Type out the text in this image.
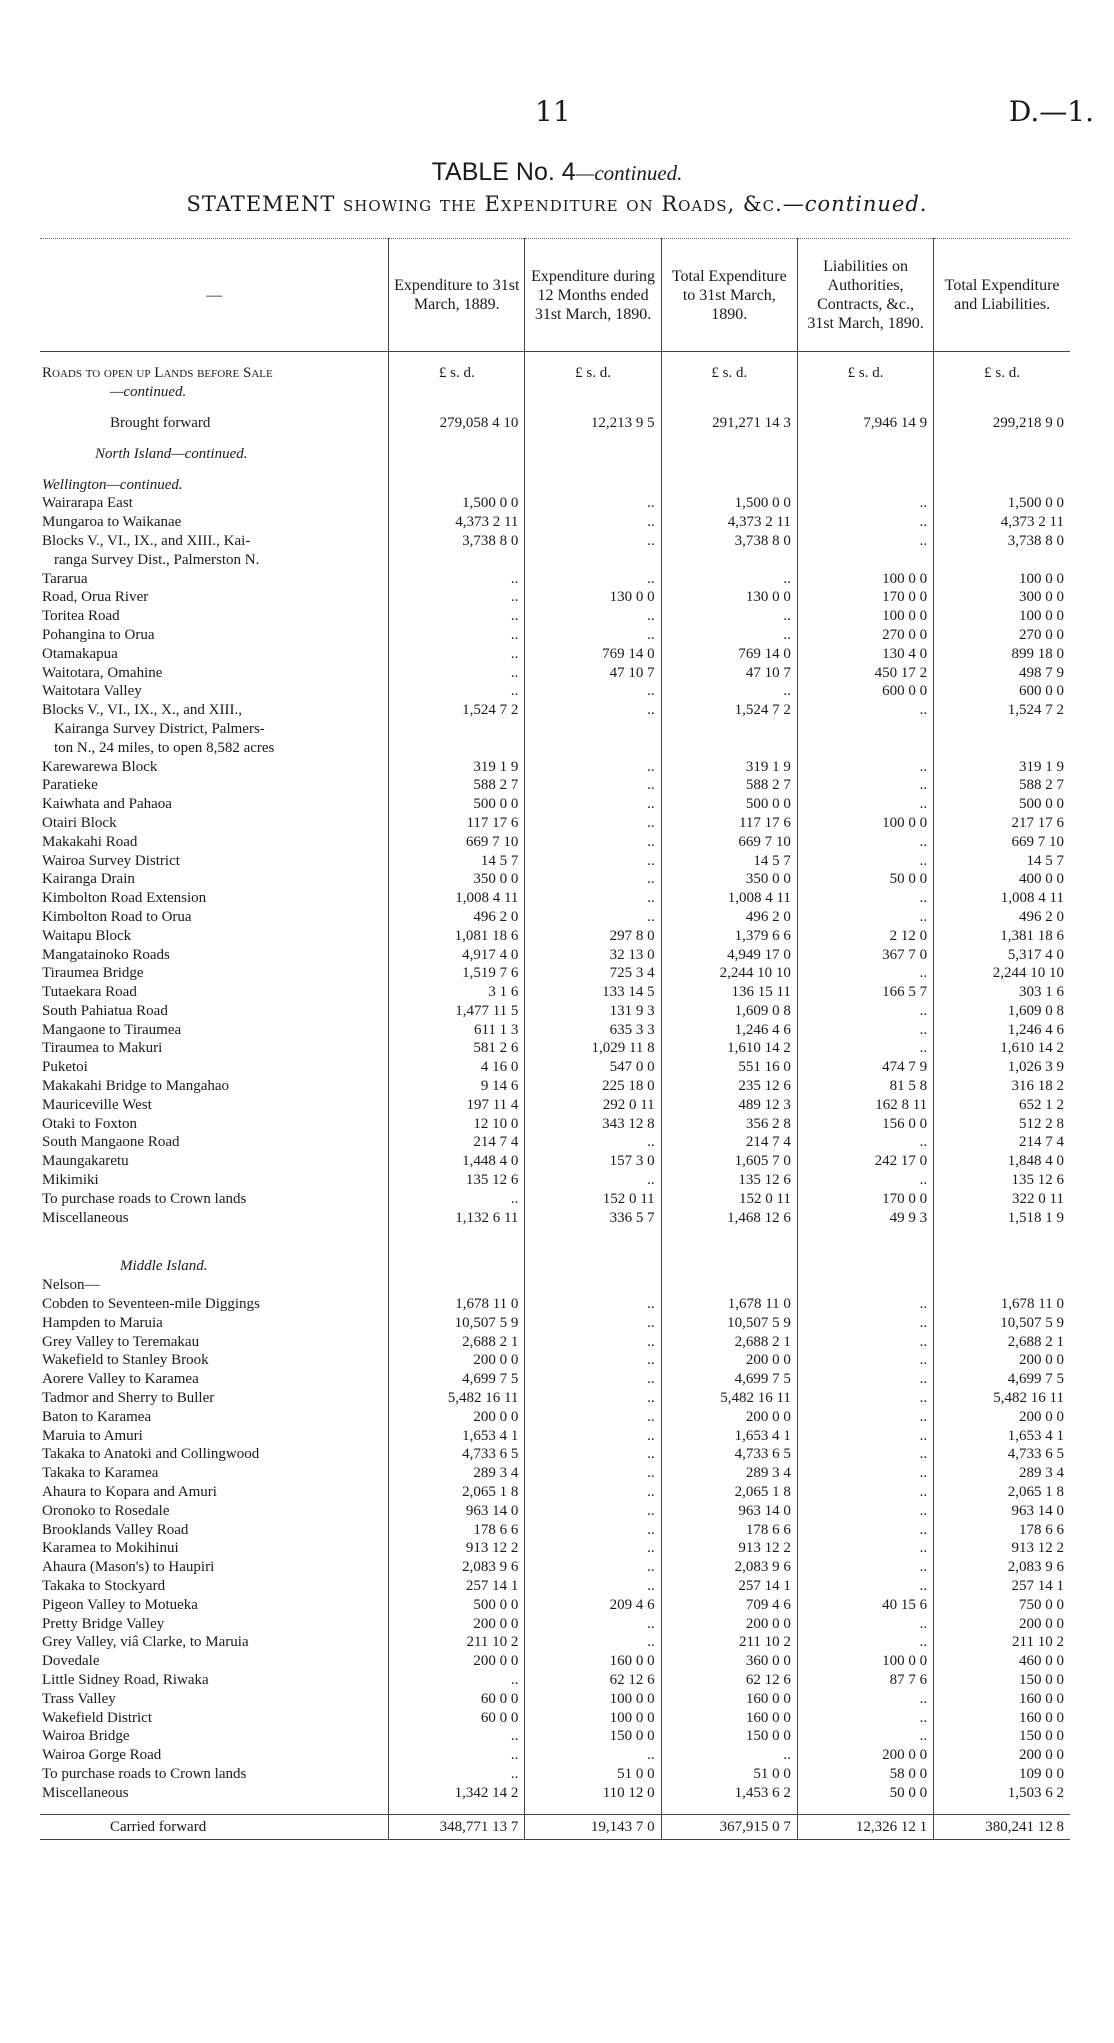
11	D.—1.
TABLE No. 4—continued.
STATEMENT showing the Expenditure on Roads, &c.—continued.
—	Expenditure to 31st March, 1889.	Expenditure during 12 Months ended 31st March, 1890.	Total Expenditure to 31st March, 1890.	Liabilities on Authorities, Contracts, &c., 31st March, 1890.	Total Expenditure and Liabilities.

Roads to open up Lands before Sale	£ s. d.	£ s. d.	£ s. d.	£ s. d.	£ s. d.
—continued.					

Brought forward	279,058 4 10	12,213 9 5	291,271 14 3	7,946 14 9	299,218 9 0

North Island—continued.					

Wellington—continued.					
Wairarapa East	1,500 0 0	..	1,500 0 0	..	1,500 0 0
Mungaroa to Waikanae	4,373 2 11	..	4,373 2 11	..	4,373 2 11
Blocks V., VI., IX., and XIII., Kai-	3,738 8 0	..	3,738 8 0	..	3,738 8 0
ranga Survey Dist., Palmerston N.					
Tararua	..	..	..	100 0 0	100 0 0
Road, Orua River	..	130 0 0	130 0 0	170 0 0	300 0 0
Toritea Road	..	..	..	100 0 0	100 0 0
Pohangina to Orua	..	..	..	270 0 0	270 0 0
Otamakapua	..	769 14 0	769 14 0	130 4 0	899 18 0
Waitotara, Omahine	..	47 10 7	47 10 7	450 17 2	498 7 9
Waitotara Valley	..	..	..	600 0 0	600 0 0
Blocks V., VI., IX., X., and XIII.,	1,524 7 2	..	1,524 7 2	..	1,524 7 2
Kairanga Survey District, Palmers-					
ton N., 24 miles, to open 8,582 acres					
Karewarewa Block	319 1 9	..	319 1 9	..	319 1 9
Paratieke	588 2 7	..	588 2 7	..	588 2 7
Kaiwhata and Pahaoa	500 0 0	..	500 0 0	..	500 0 0
Otairi Block	117 17 6	..	117 17 6	100 0 0	217 17 6
Makakahi Road	669 7 10	..	669 7 10	..	669 7 10
Wairoa Survey District	14 5 7	..	14 5 7	..	14 5 7
Kairanga Drain	350 0 0	..	350 0 0	50 0 0	400 0 0
Kimbolton Road Extension	1,008 4 11	..	1,008 4 11	..	1,008 4 11
Kimbolton Road to Orua	496 2 0	..	496 2 0	..	496 2 0
Waitapu Block	1,081 18 6	297 8 0	1,379 6 6	2 12 0	1,381 18 6
Mangatainoko Roads	4,917 4 0	32 13 0	4,949 17 0	367 7 0	5,317 4 0
Tiraumea Bridge	1,519 7 6	725 3 4	2,244 10 10	..	2,244 10 10
Tutaekara Road	3 1 6	133 14 5	136 15 11	166 5 7	303 1 6
South Pahiatua Road	1,477 11 5	131 9 3	1,609 0 8	..	1,609 0 8
Mangaone to Tiraumea	611 1 3	635 3 3	1,246 4 6	..	1,246 4 6
Tiraumea to Makuri	581 2 6	1,029 11 8	1,610 14 2	..	1,610 14 2
Puketoi	4 16 0	547 0 0	551 16 0	474 7 9	1,026 3 9
Makakahi Bridge to Mangahao	9 14 6	225 18 0	235 12 6	81 5 8	316 18 2
Mauriceville West	197 11 4	292 0 11	489 12 3	162 8 11	652 1 2
Otaki to Foxton	12 10 0	343 12 8	356 2 8	156 0 0	512 2 8
South Mangaone Road	214 7 4	..	214 7 4	..	214 7 4
Maungakaretu	1,448 4 0	157 3 0	1,605 7 0	242 17 0	1,848 4 0
Mikimiki	135 12 6	..	135 12 6	..	135 12 6
To purchase roads to Crown lands	..	152 0 11	152 0 11	170 0 0	322 0 11
Miscellaneous	1,132 6 11	336 5 7	1,468 12 6	49 9 3	1,518 1 9

Middle Island.					
Nelson—					
Cobden to Seventeen-mile Diggings	1,678 11 0	..	1,678 11 0	..	1,678 11 0
Hampden to Maruia	10,507 5 9	..	10,507 5 9	..	10,507 5 9
Grey Valley to Teremakau	2,688 2 1	..	2,688 2 1	..	2,688 2 1
Wakefield to Stanley Brook	200 0 0	..	200 0 0	..	200 0 0
Aorere Valley to Karamea	4,699 7 5	..	4,699 7 5	..	4,699 7 5
Tadmor and Sherry to Buller	5,482 16 11	..	5,482 16 11	..	5,482 16 11
Baton to Karamea	200 0 0	..	200 0 0	..	200 0 0
Maruia to Amuri	1,653 4 1	..	1,653 4 1	..	1,653 4 1
Takaka to Anatoki and Collingwood	4,733 6 5	..	4,733 6 5	..	4,733 6 5
Takaka to Karamea	289 3 4	..	289 3 4	..	289 3 4
Ahaura to Kopara and Amuri	2,065 1 8	..	2,065 1 8	..	2,065 1 8
Oronoko to Rosedale	963 14 0	..	963 14 0	..	963 14 0
Brooklands Valley Road	178 6 6	..	178 6 6	..	178 6 6
Karamea to Mokihinui	913 12 2	..	913 12 2	..	913 12 2
Ahaura (Mason's) to Haupiri	2,083 9 6	..	2,083 9 6	..	2,083 9 6
Takaka to Stockyard	257 14 1	..	257 14 1	..	257 14 1
Pigeon Valley to Motueka	500 0 0	209 4 6	709 4 6	40 15 6	750 0 0
Pretty Bridge Valley	200 0 0	..	200 0 0	..	200 0 0
Grey Valley, viâ Clarke, to Maruia	211 10 2	..	211 10 2	..	211 10 2
Dovedale	200 0 0	160 0 0	360 0 0	100 0 0	460 0 0
Little Sidney Road, Riwaka	..	62 12 6	62 12 6	87 7 6	150 0 0
Trass Valley	60 0 0	100 0 0	160 0 0	..	160 0 0
Wakefield District	60 0 0	100 0 0	160 0 0	..	160 0 0
Wairoa Bridge	..	150 0 0	150 0 0	..	150 0 0
Wairoa Gorge Road	..	..	..	200 0 0	200 0 0
To purchase roads to Crown lands	..	51 0 0	51 0 0	58 0 0	109 0 0
Miscellaneous	1,342 14 2	110 12 0	1,453 6 2	50 0 0	1,503 6 2

Carried forward	348,771 13 7	19,143 7 0	367,915 0 7	12,326 12 1	380,241 12 8
